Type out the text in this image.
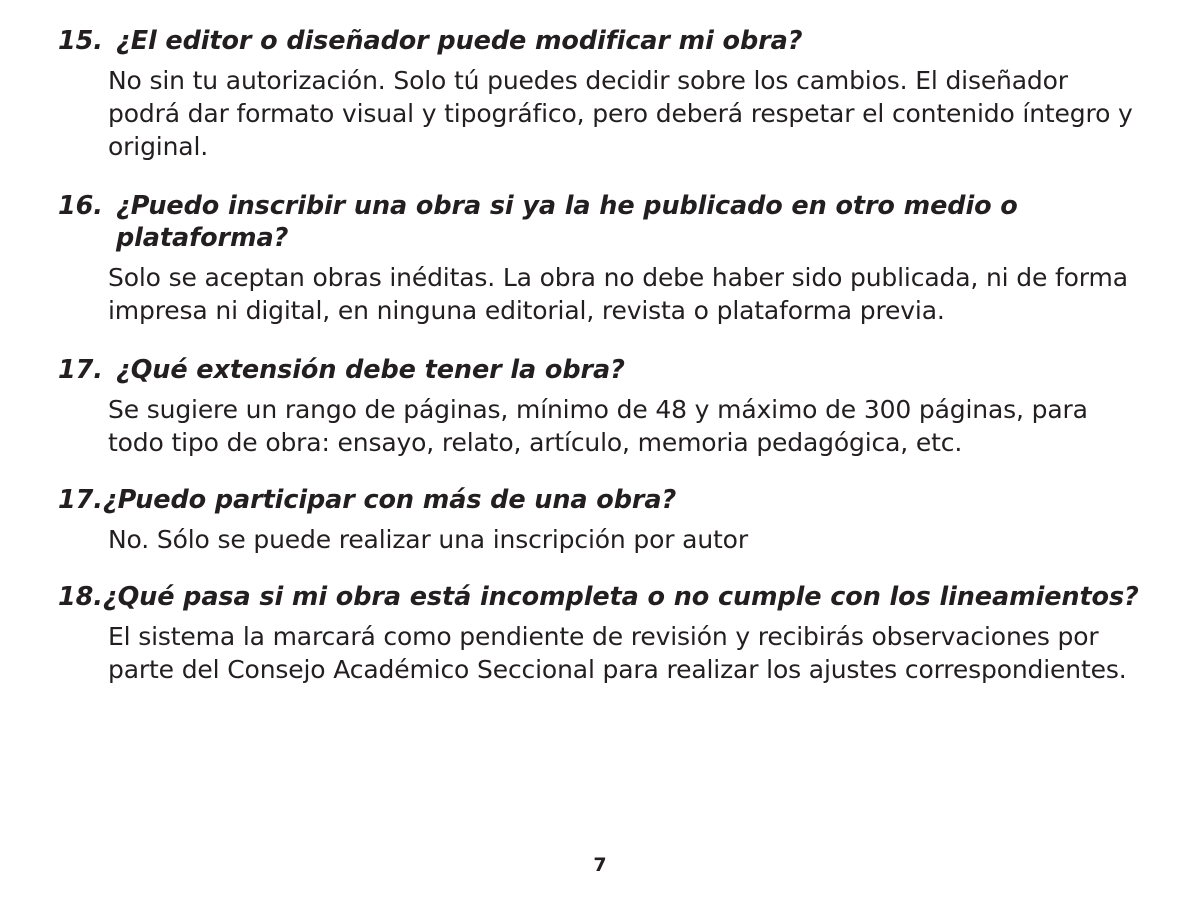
15. ¿El editor o diseñador puede modificar mi obra?

No sin tu autorización. Solo tú puedes decidir sobre los cambios. El diseñador podrá dar formato visual y tipográfico, pero deberá respetar el contenido íntegro y original.

16. ¿Puedo inscribir una obra si ya la he publicado en otro medio o plataforma?

Solo se aceptan obras inéditas. La obra no debe haber sido publicada, ni de forma impresa ni digital, en ninguna editorial, revista o plataforma previa.

17. ¿Qué extensión debe tener la obra?

Se sugiere un rango de páginas, mínimo de 48 y máximo de 300 páginas, para todo tipo de obra: ensayo, relato, artículo, memoria pedagógica, etc.

17. ¿Puedo participar con más de una obra?

No. Sólo se puede realizar una inscripción por autor

18. ¿Qué pasa si mi obra está incompleta o no cumple con los lineamientos?

El sistema la marcará como pendiente de revisión y recibirás observaciones por parte del Consejo Académico Seccional para realizar los ajustes correspondientes.

7
